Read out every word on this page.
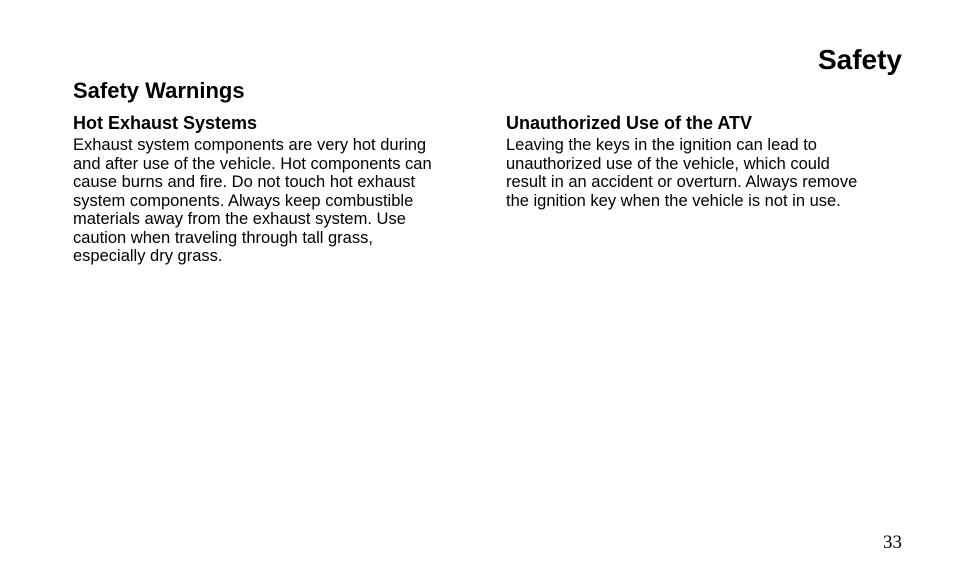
Safety
Safety Warnings
Hot Exhaust Systems

Exhaust system components are very hot during
and after use of the vehicle. Hot components can
cause burns and fire. Do not touch hot exhaust
system components. Always keep combustible
materials away from the exhaust system. Use
caution when traveling through tall grass,
especially dry grass.

Unauthorized Use of the ATV

Leaving the keys in the ignition can lead to
unauthorized use of the vehicle, which could
result in an accident or overturn. Always remove
the ignition key when the vehicle is not in use.

33
